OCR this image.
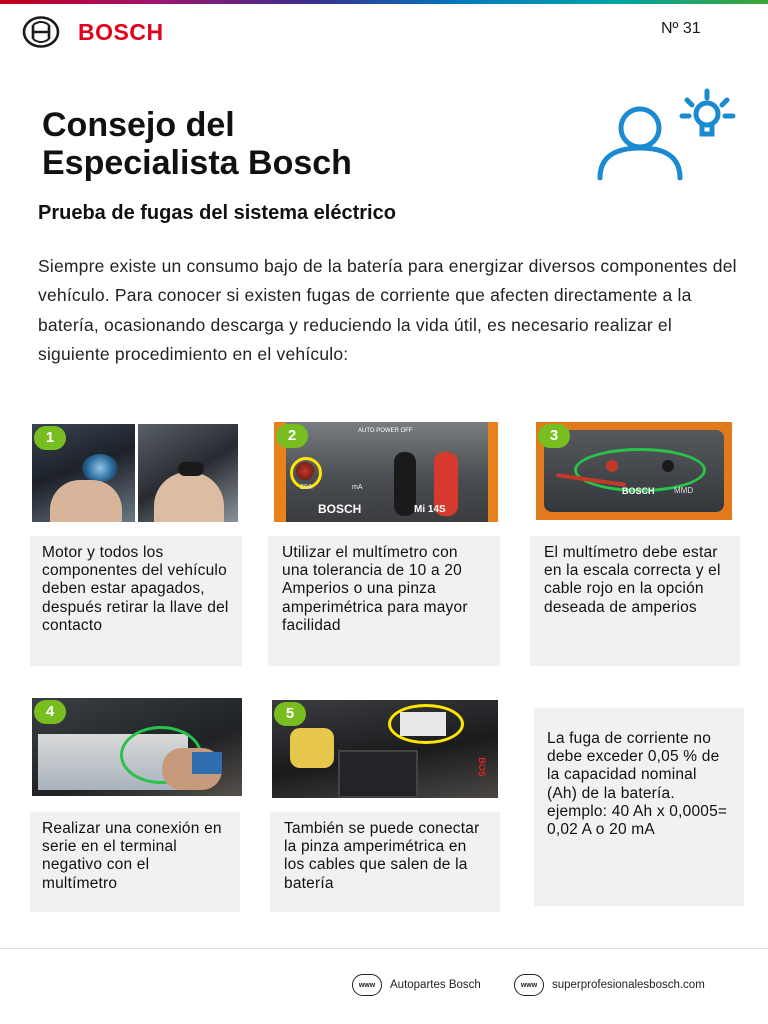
BOSCH	Nº 31
Consejo del
Especialista Bosch
Prueba de fugas del sistema eléctrico

Siempre existe un consumo bajo de la batería para energizar diversos componentes del vehículo. Para conocer si existen fugas de corriente que afecten directamente a la batería, ocasionando descarga y reduciendo la vida útil, es necesario realizar el siguiente procedimiento en el vehículo:

1
Motor y todos los componentes del vehículo deben estar apagados, después retirar la llave del contacto
AUTO POWER OFF
20A	mA
BOSCH	Mi 14S
2
Utilizar el multímetro con una tolerancia de 10 a 20 Amperios o una pinza amperimétrica para mayor facilidad
BOSCH MMD
3
El multímetro debe estar en la escala correcta y el cable rojo en la opción deseada de amperios
4
Realizar una conexión en serie en el terminal negativo con el multímetro
BOS
5
También se puede conectar la pinza amperimétrica en los cables que salen de la batería
La fuga de corriente no debe exceder 0,05 % de la capacidad nominal (Ah) de la batería. ejemplo: 40 Ah x 0,0005= 0,02 A o 20 mA
www	Autopartes Bosch	www	superprofesionalesbosch.com
